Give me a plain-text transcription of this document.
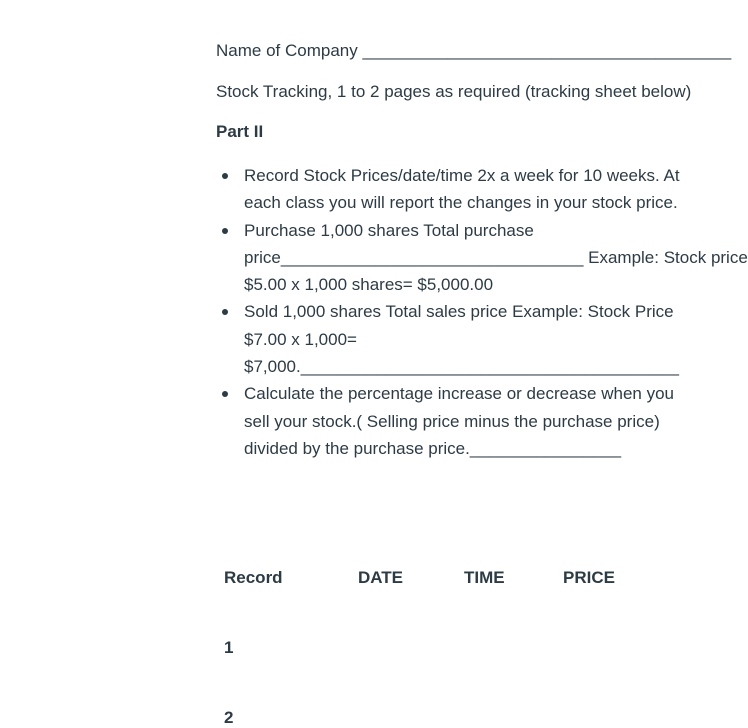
Name of Company _______________________________________
Stock Tracking, 1 to 2 pages as required (tracking sheet below)
Part II
Record Stock Prices/date/time 2x a week for 10 weeks. At
each class you will report the changes in your stock price.
Purchase 1,000 shares Total purchase
price________________________________ Example: Stock price
$5.00 x 1,000 shares= $5,000.00
Sold 1,000 shares Total sales price Example: Stock Price
$7.00 x 1,000=
$7,000.________________________________________
Calculate the percentage increase or decrease when you
sell your stock.( Selling price minus the purchase price)
divided by the purchase price.________________
Record	DATE	TIME	PRICE
1
2
